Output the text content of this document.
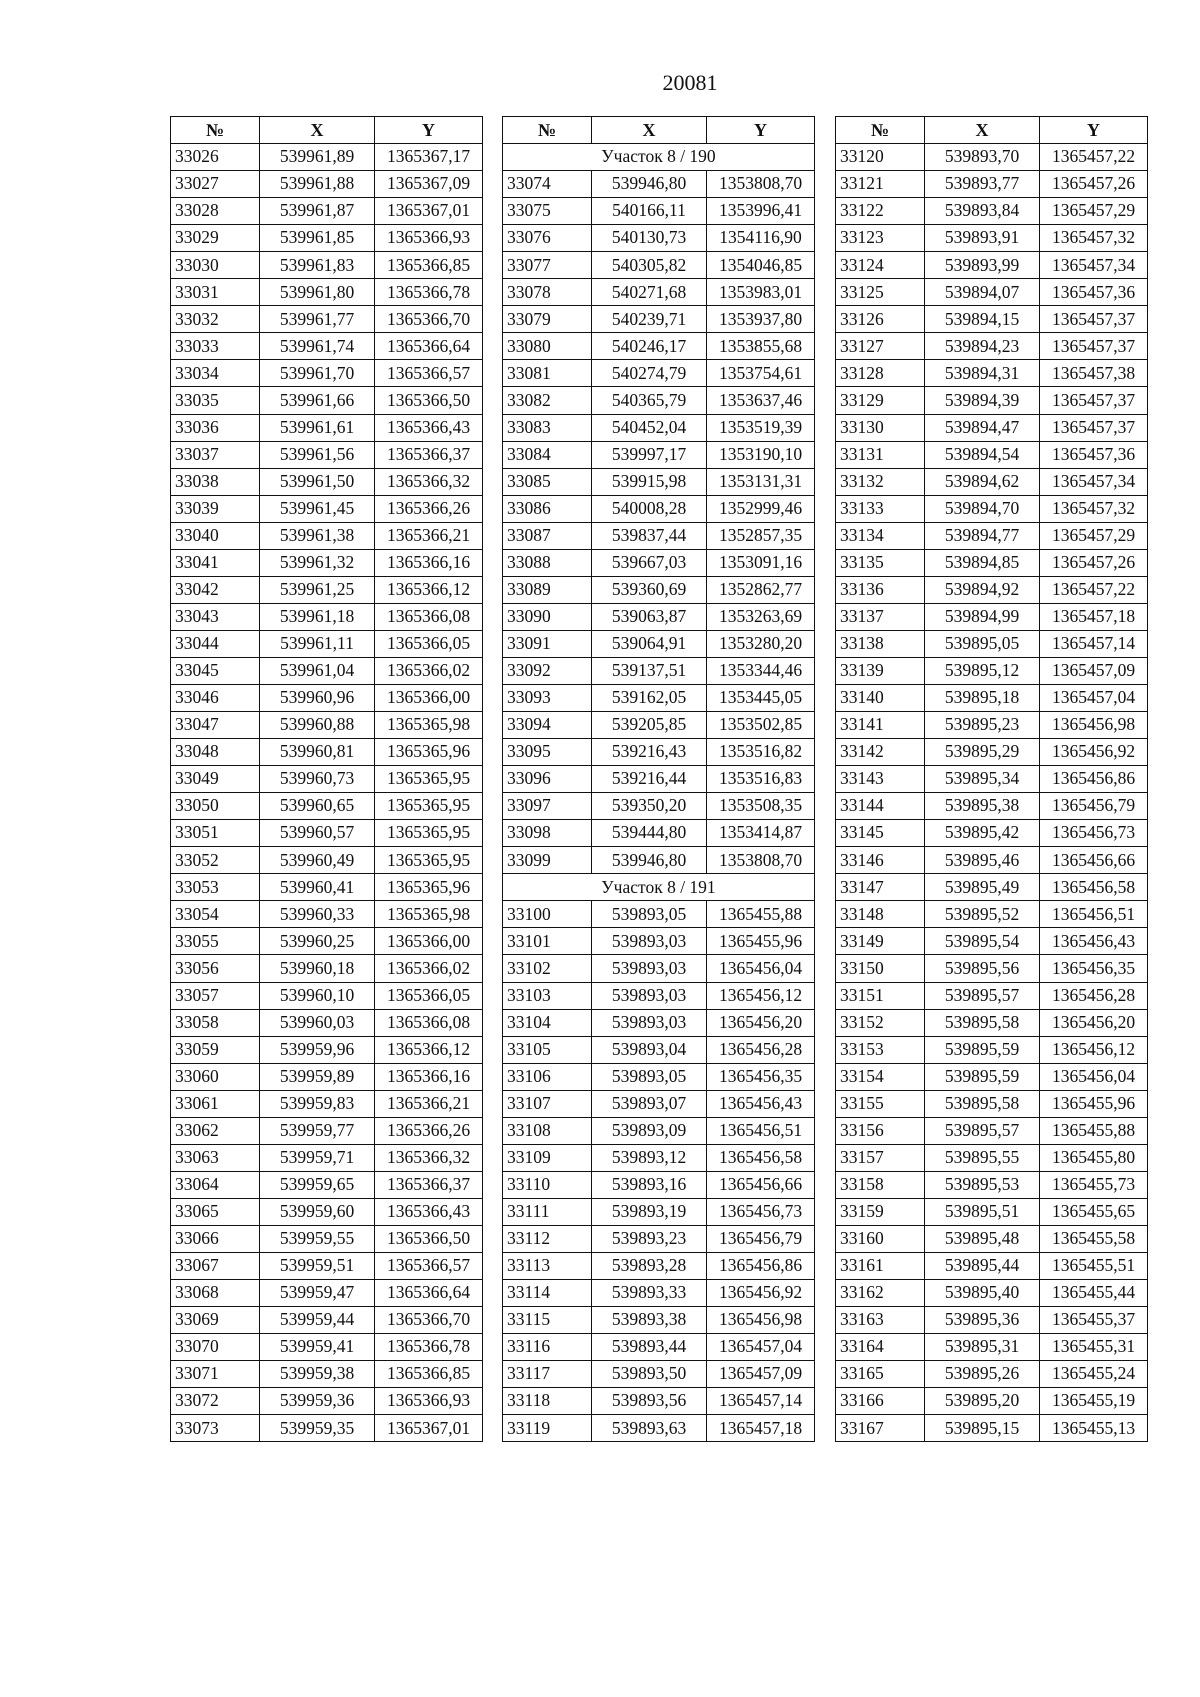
20081
№	X	Y
33026	539961,89	1365367,17
33027	539961,88	1365367,09
33028	539961,87	1365367,01
33029	539961,85	1365366,93
33030	539961,83	1365366,85
33031	539961,80	1365366,78
33032	539961,77	1365366,70
33033	539961,74	1365366,64
33034	539961,70	1365366,57
33035	539961,66	1365366,50
33036	539961,61	1365366,43
33037	539961,56	1365366,37
33038	539961,50	1365366,32
33039	539961,45	1365366,26
33040	539961,38	1365366,21
33041	539961,32	1365366,16
33042	539961,25	1365366,12
33043	539961,18	1365366,08
33044	539961,11	1365366,05
33045	539961,04	1365366,02
33046	539960,96	1365366,00
33047	539960,88	1365365,98
33048	539960,81	1365365,96
33049	539960,73	1365365,95
33050	539960,65	1365365,95
33051	539960,57	1365365,95
33052	539960,49	1365365,95
33053	539960,41	1365365,96
33054	539960,33	1365365,98
33055	539960,25	1365366,00
33056	539960,18	1365366,02
33057	539960,10	1365366,05
33058	539960,03	1365366,08
33059	539959,96	1365366,12
33060	539959,89	1365366,16
33061	539959,83	1365366,21
33062	539959,77	1365366,26
33063	539959,71	1365366,32
33064	539959,65	1365366,37
33065	539959,60	1365366,43
33066	539959,55	1365366,50
33067	539959,51	1365366,57
33068	539959,47	1365366,64
33069	539959,44	1365366,70
33070	539959,41	1365366,78
33071	539959,38	1365366,85
33072	539959,36	1365366,93
33073	539959,35	1365367,01
№	X	Y
Участок 8 / 190		
33074	539946,80	1353808,70
33075	540166,11	1353996,41
33076	540130,73	1354116,90
33077	540305,82	1354046,85
33078	540271,68	1353983,01
33079	540239,71	1353937,80
33080	540246,17	1353855,68
33081	540274,79	1353754,61
33082	540365,79	1353637,46
33083	540452,04	1353519,39
33084	539997,17	1353190,10
33085	539915,98	1353131,31
33086	540008,28	1352999,46
33087	539837,44	1352857,35
33088	539667,03	1353091,16
33089	539360,69	1352862,77
33090	539063,87	1353263,69
33091	539064,91	1353280,20
33092	539137,51	1353344,46
33093	539162,05	1353445,05
33094	539205,85	1353502,85
33095	539216,43	1353516,82
33096	539216,44	1353516,83
33097	539350,20	1353508,35
33098	539444,80	1353414,87
33099	539946,80	1353808,70
Участок 8 / 191		
33100	539893,05	1365455,88
33101	539893,03	1365455,96
33102	539893,03	1365456,04
33103	539893,03	1365456,12
33104	539893,03	1365456,20
33105	539893,04	1365456,28
33106	539893,05	1365456,35
33107	539893,07	1365456,43
33108	539893,09	1365456,51
33109	539893,12	1365456,58
33110	539893,16	1365456,66
33111	539893,19	1365456,73
33112	539893,23	1365456,79
33113	539893,28	1365456,86
33114	539893,33	1365456,92
33115	539893,38	1365456,98
33116	539893,44	1365457,04
33117	539893,50	1365457,09
33118	539893,56	1365457,14
33119	539893,63	1365457,18
№	X	Y
33120	539893,70	1365457,22
33121	539893,77	1365457,26
33122	539893,84	1365457,29
33123	539893,91	1365457,32
33124	539893,99	1365457,34
33125	539894,07	1365457,36
33126	539894,15	1365457,37
33127	539894,23	1365457,37
33128	539894,31	1365457,38
33129	539894,39	1365457,37
33130	539894,47	1365457,37
33131	539894,54	1365457,36
33132	539894,62	1365457,34
33133	539894,70	1365457,32
33134	539894,77	1365457,29
33135	539894,85	1365457,26
33136	539894,92	1365457,22
33137	539894,99	1365457,18
33138	539895,05	1365457,14
33139	539895,12	1365457,09
33140	539895,18	1365457,04
33141	539895,23	1365456,98
33142	539895,29	1365456,92
33143	539895,34	1365456,86
33144	539895,38	1365456,79
33145	539895,42	1365456,73
33146	539895,46	1365456,66
33147	539895,49	1365456,58
33148	539895,52	1365456,51
33149	539895,54	1365456,43
33150	539895,56	1365456,35
33151	539895,57	1365456,28
33152	539895,58	1365456,20
33153	539895,59	1365456,12
33154	539895,59	1365456,04
33155	539895,58	1365455,96
33156	539895,57	1365455,88
33157	539895,55	1365455,80
33158	539895,53	1365455,73
33159	539895,51	1365455,65
33160	539895,48	1365455,58
33161	539895,44	1365455,51
33162	539895,40	1365455,44
33163	539895,36	1365455,37
33164	539895,31	1365455,31
33165	539895,26	1365455,24
33166	539895,20	1365455,19
33167	539895,15	1365455,13
